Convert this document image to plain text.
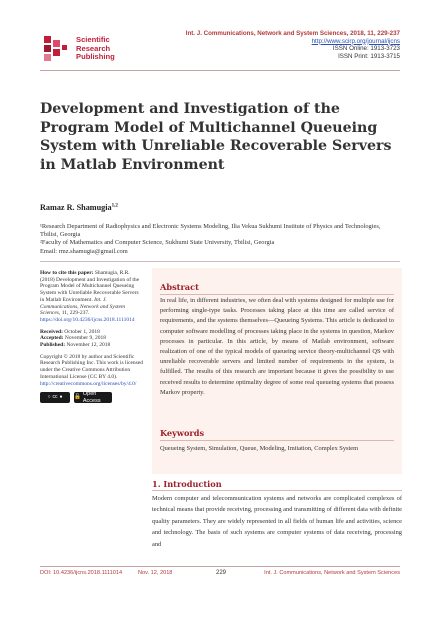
Scientific
Research
Publishing
Int. J. Communications, Network and System Sciences, 2018, 11, 229-237
http://www.scirp.org/journal/ijcns
ISSN Online: 1913-3723
ISSN Print: 1913-3715
Development and Investigation of the Program Model of Multichannel Queueing System with Unreliable Recoverable Servers in Matlab Environment
Ramaz R. Shamugia$^{1,2}$

¹Research Department of Radiophysics and Electronic Systems Modeling, Ilia Vekua Sukhumi Institute of Physics and Technologies, Tbilisi, Georgia

²Faculty of Mathematics and Computer Science, Sukhumi State University, Tbilisi, Georgia

Email: rmz.shamugia@gmail.com

How to cite this paper: Shamugia, R.R. (2018) Development and Investigation of the Program Model of Multichannel Queueing System with Unreliable Recoverable Servers in Matlab Environment. Int. J. Communications, Network and System Sciences, 11, 229-237. https://doi.org/10.4236/ijcns.2018.1111014

Received: October 1, 2018
Accepted: November 9, 2018
Published: November 12, 2018

Copyright © 2018 by author and Scientific Research Publishing Inc. This work is licensed under the Creative Commons Attribution International License (CC BY 4.0). http://creativecommons.org/licenses/by/4.0/

○ cc ● 🔓
Open Access
Abstract
In real life, in different industries, we often deal with systems designed for multiple use for performing single-type tasks. Processes taking place at this time are called service of requirements, and the systems themselves—Queueing Systems. This article is dedicated to computer software modelling of processes taking place in the systems in question, Markov processes in particular. In this article, by means of Matlab environment, software realization of one of the typical models of queueing service theory-multichannel QS with unreliable recoverable servers and limited number of requirements in the system, is fulfilled. The results of this research are important because it gives the possibility to use received results to determine optimality degree of some real queueing systems that possess Markov property.
Keywords
Queueing System, Simulation, Queue, Modeling, Imitation, Complex System
1. Introduction
Modern computer and telecommunication systems and networks are complicated complexes of technical means that provide receiving, processing and transmitting of different data with definite quality parameters. They are widely represented in all fields of human life and activities, science and technology. The basis of such systems are computer systems of data receiving, processing and
DOI: 10.4236/ijcns.2018.1111014	Nov. 12, 2018	229	Int. J. Communications, Network and System Sciences
